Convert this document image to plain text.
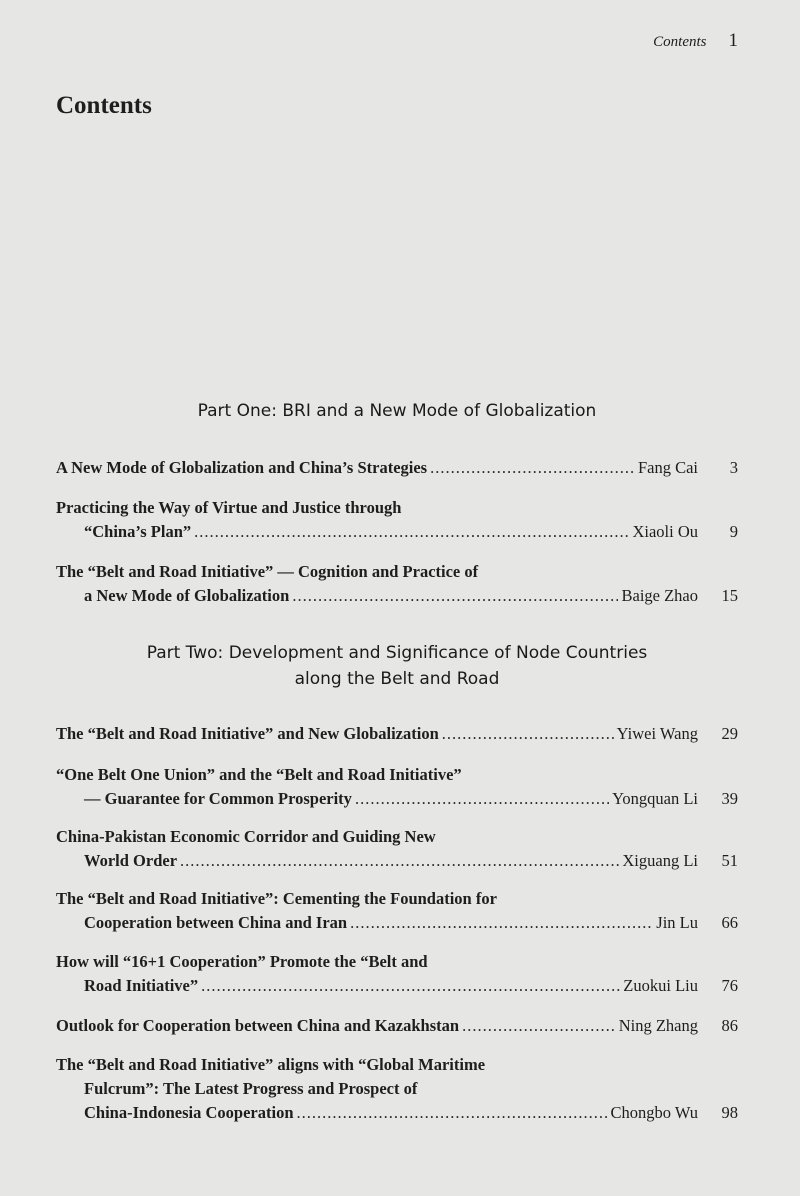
Contents 1
Contents
Part One: BRI and a New Mode of Globalization
A New Mode of Globalization and China’s Strategies .....	Fang Cai	3
Practicing the Way of Virtue and Justice through
“China’s Plan” .....	Xiaoli Ou	9
The “Belt and Road Initiative” — Cognition and Practice of
a New Mode of Globalization .....	Baige Zhao	15
Part Two: Development and Significance of Node Countries
along the Belt and Road
The “Belt and Road Initiative” and New Globalization .....	Yiwei Wang	29
“One Belt One Union” and the “Belt and Road Initiative”
— Guarantee for Common Prosperity .....	Yongquan Li	39
China-Pakistan Economic Corridor and Guiding New
World Order .....	Xiguang Li	51
The “Belt and Road Initiative”: Cementing the Foundation for
Cooperation between China and Iran .....	Jin Lu	66
How will “16+1 Cooperation” Promote the “Belt and
Road Initiative” .....	Zuokui Liu	76
Outlook for Cooperation between China and Kazakhstan .....	Ning Zhang	86
The “Belt and Road Initiative” aligns with “Global Maritime
Fulcrum”: The Latest Progress and Prospect of
China-Indonesia Cooperation .....	Chongbo Wu	98
